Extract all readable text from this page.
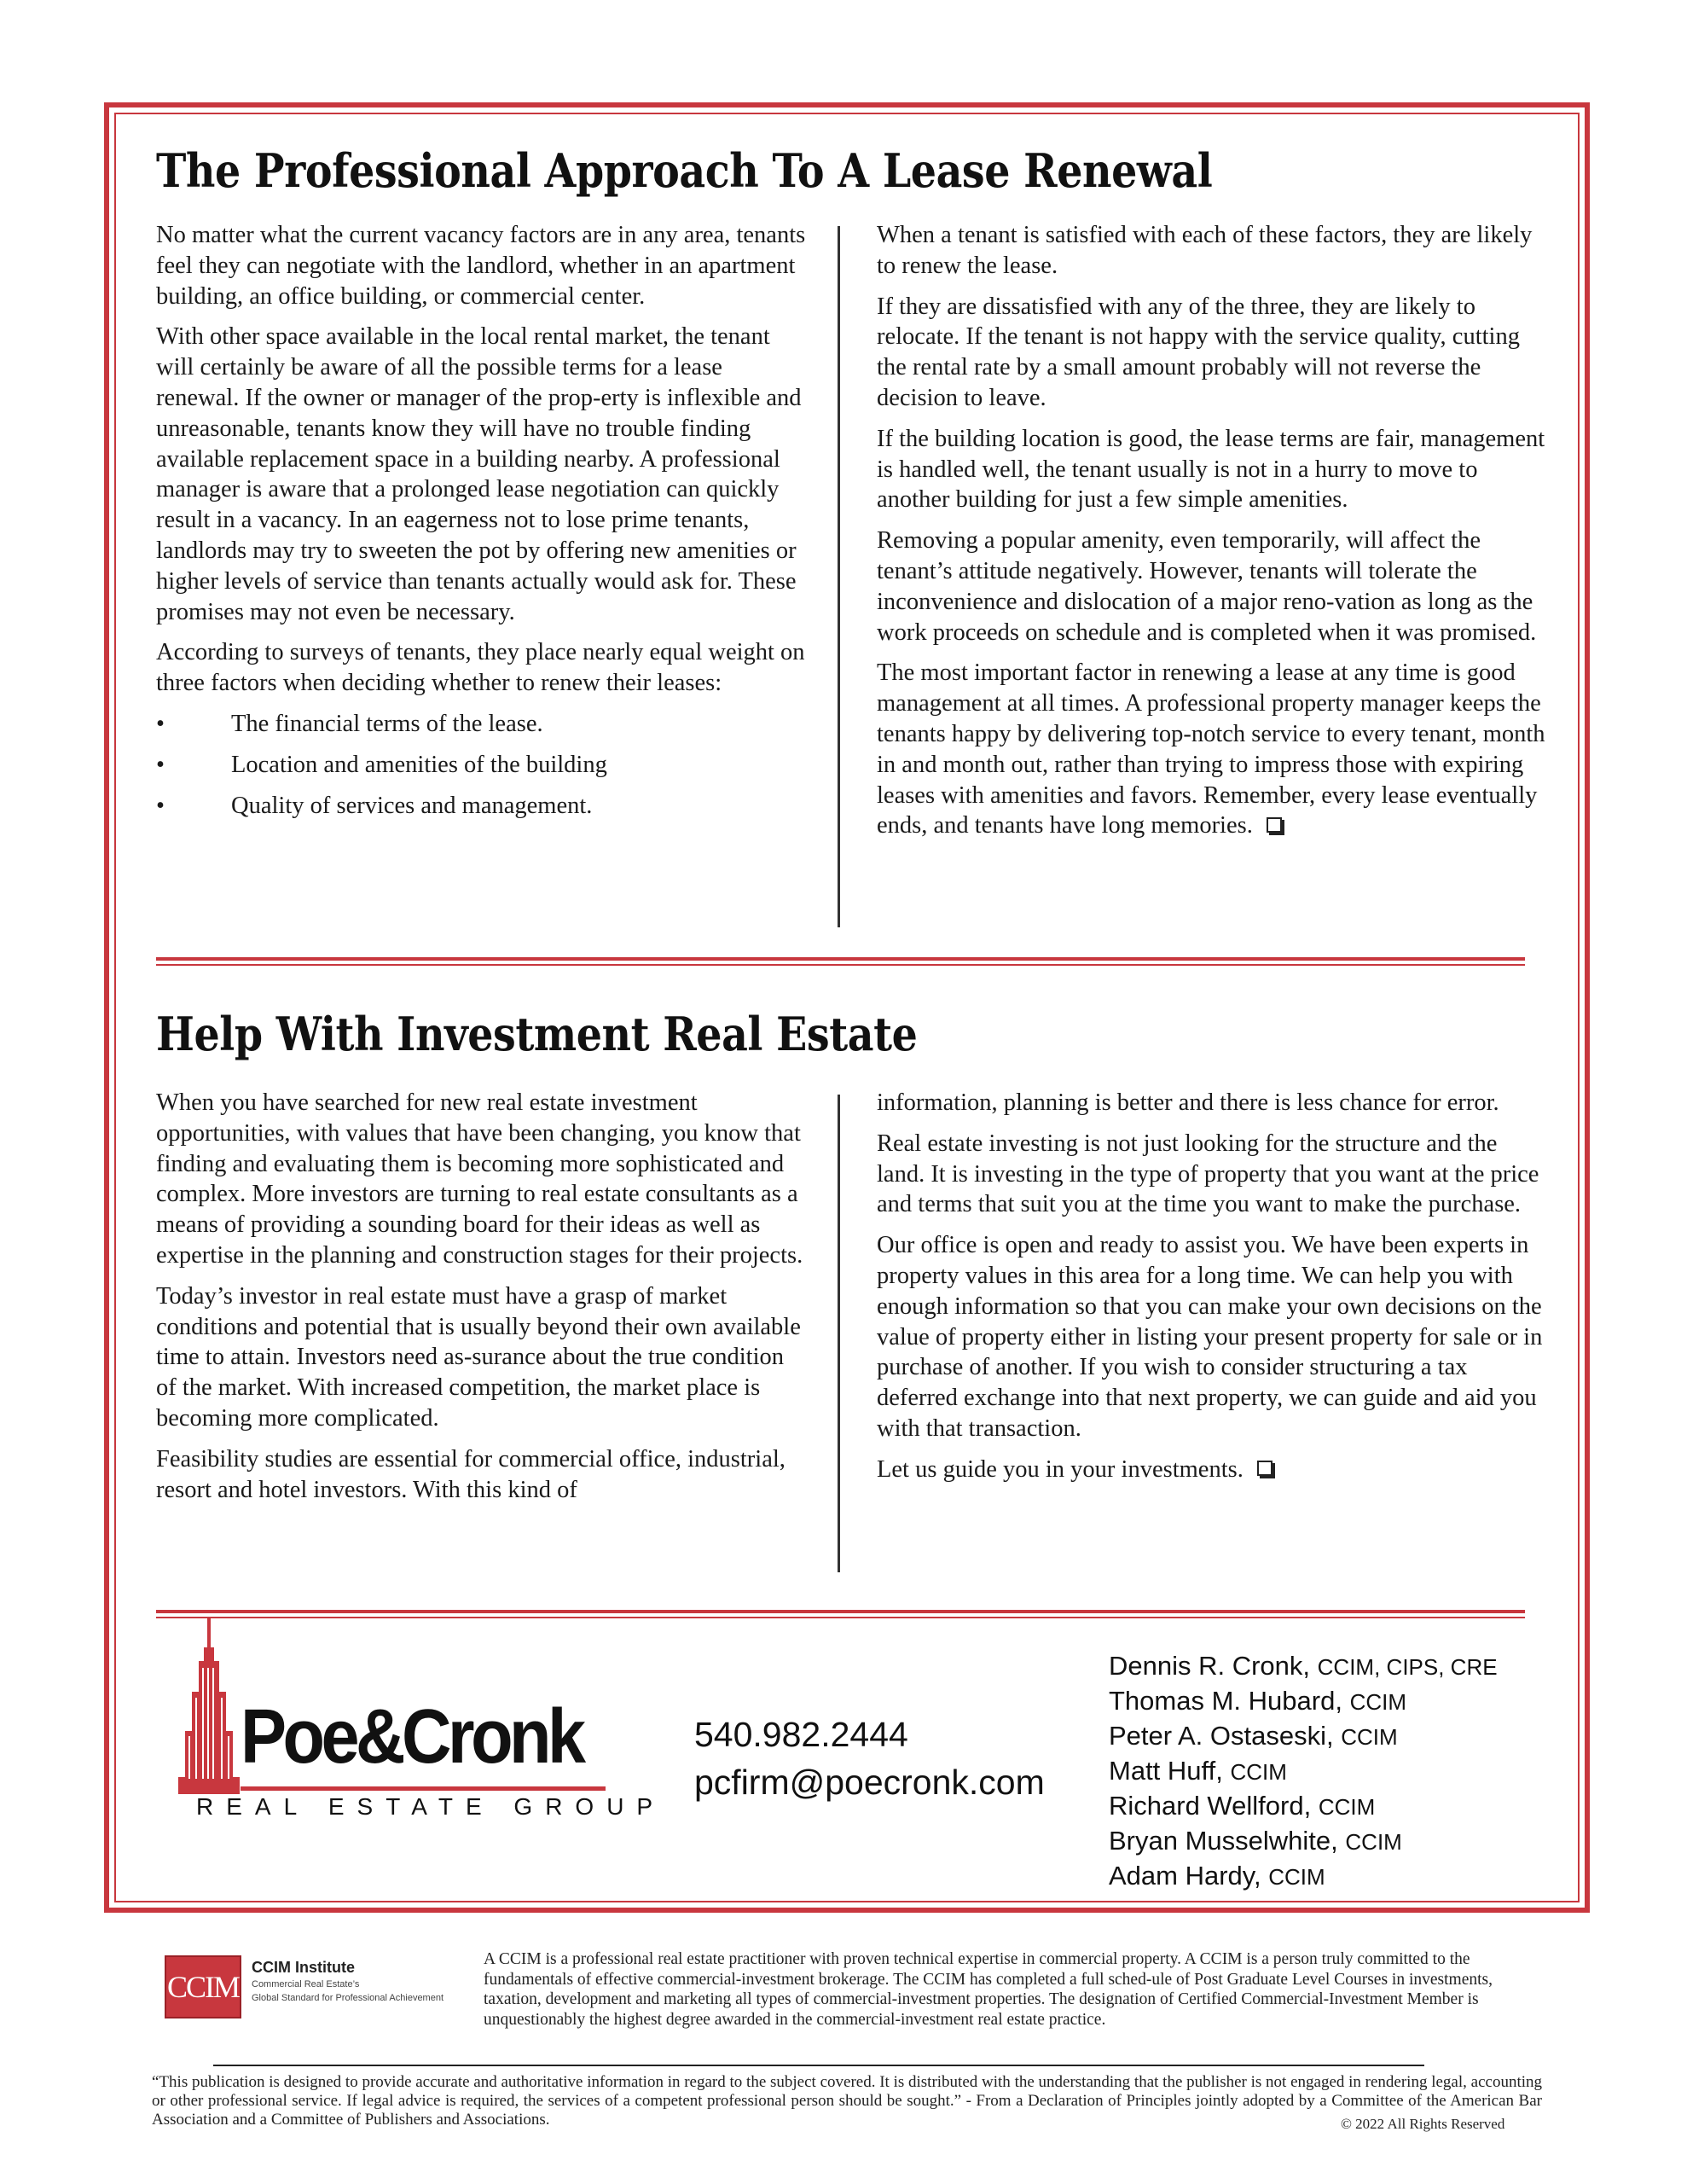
The Professional Approach To A Lease Renewal

No matter what the current vacancy factors are in any area, tenants feel they can negotiate with the landlord, whether in an apartment building, an office building, or commercial center.

With other space available in the local rental market, the tenant will certainly be aware of all the possible terms for a lease renewal. If the owner or manager of the prop-erty is inflexible and unreasonable, tenants know they will have no trouble finding available replacement space in a building nearby. A professional manager is aware that a prolonged lease negotiation can quickly result in a vacancy. In an eagerness not to lose prime tenants, landlords may try to sweeten the pot by offering new amenities or higher levels of service than tenants actually would ask for. These promises may not even be necessary.

According to surveys of tenants, they place nearly equal weight on three factors when deciding whether to renew their leases:

•	The financial terms of the lease.
•	Location and amenities of the building
•	Quality of services and management.

When a tenant is satisfied with each of these factors, they are likely to renew the lease.

If they are dissatisfied with any of the three, they are likely to relocate. If the tenant is not happy with the service quality, cutting the rental rate by a small amount probably will not reverse the decision to leave.

If the building location is good, the lease terms are fair, management is handled well, the tenant usually is not in a hurry to move to another building for just a few simple amenities.

Removing a popular amenity, even temporarily, will affect the tenant’s attitude negatively. However, tenants will tolerate the inconvenience and dislocation of a major reno-vation as long as the work proceeds on schedule and is completed when it was promised.

The most important factor in renewing a lease at any time is good management at all times. A professional property manager keeps the tenants happy by delivering top-notch service to every tenant, month in and month out, rather than trying to impress those with expiring leases with amenities and favors. Remember, every lease eventually ends, and tenants have long memories.

Help With Investment Real Estate

When you have searched for new real estate investment opportunities, with values that have been changing, you know that finding and evaluating them is becoming more sophisticated and complex. More investors are turning to real estate consultants as a means of providing a sounding board for their ideas as well as expertise in the planning and construction stages for their projects.

Today’s investor in real estate must have a grasp of market conditions and potential that is usually beyond their own available time to attain. Investors need as-surance about the true condition of the market. With increased competition, the market place is becoming more complicated.

Feasibility studies are essential for commercial office, industrial, resort and hotel investors. With this kind of

information, planning is better and there is less chance for error.

Real estate investing is not just looking for the structure and the land. It is investing in the type of property that you want at the price and terms that suit you at the time you want to make the purchase.

Our office is open and ready to assist you. We have been experts in property values in this area for a long time. We can help you with enough information so that you can make your own decisions on the value of property either in listing your present property for sale or in purchase of another. If you wish to consider structuring a tax deferred exchange into that next property, we can guide and aid you with that transaction.

Let us guide you in your investments.

Poe&Cronk
REAL ESTATE GROUP
540.982.2444
pcfirm@poecronk.com
Dennis R. Cronk, CCIM, CIPS, CRE
Thomas M. Hubard, CCIM
Peter A. Ostaseski, CCIM
Matt Huff, CCIM
Richard Wellford, CCIM
Bryan Musselwhite, CCIM
Adam Hardy, CCIM
CCIM
CCIM Institute
Commercial Real Estate’s
Global Standard for Professional Achievement
A CCIM is a professional real estate practitioner with proven technical expertise in commercial property. A CCIM is a person truly committed to the fundamentals of effective commercial-investment brokerage. The CCIM has completed a full sched-ule of Post Graduate Level Courses in investments, taxation, development and marketing all types of commercial-investment properties. The designation of Certified Commercial-Investment Member is unquestionably the highest degree awarded in the commercial-investment real estate practice.
“This publication is designed to provide accurate and authoritative information in regard to the subject covered. It is distributed with the understanding that the publisher is not engaged in rendering legal, accounting or other professional service. If legal advice is required, the services of a competent professional person should be sought.” - From a Declaration of Principles jointly adopted by a Committee of the American Bar Association and a Committee of Publishers and Associations.	© 2022 All Rights Reserved
